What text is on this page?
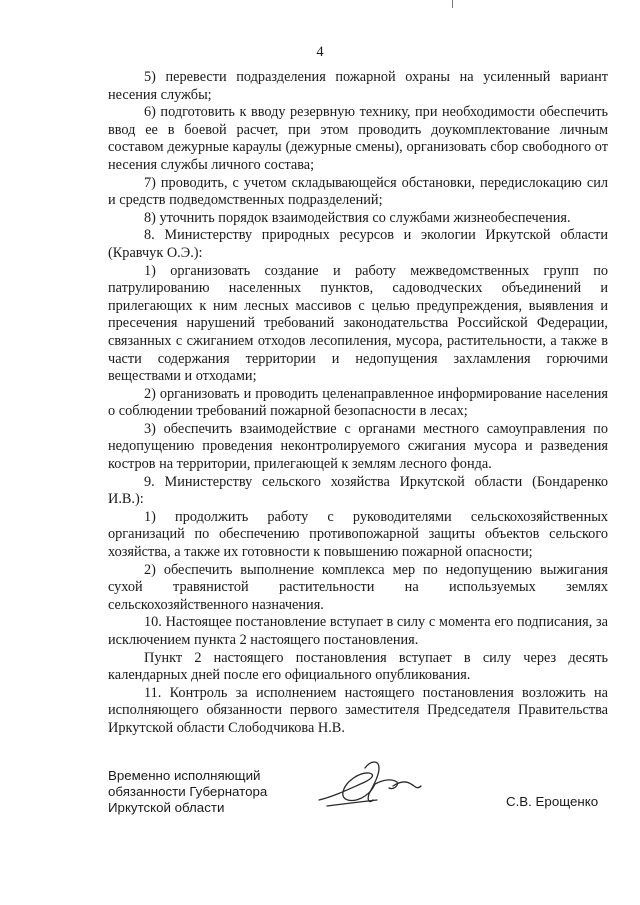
4

5) перевести подразделения пожарной охраны на усиленный вариант несения службы;

6) подготовить к вводу резервную технику, при необходимости обеспечить ввод ее в боевой расчет, при этом проводить доукомплектование личным составом дежурные караулы (дежурные смены), организовать сбор свободного от несения службы личного состава;

7) проводить, с учетом складывающейся обстановки, передислокацию сил и средств подведомственных подразделений;

8) уточнить порядок взаимодействия со службами жизнеобеспечения.

8. Министерству природных ресурсов и экологии Иркутской области (Кравчук О.Э.):

1) организовать создание и работу межведомственных групп по патрулированию населенных пунктов, садоводческих объединений и прилегающих к ним лесных массивов с целью предупреждения, выявления и пресечения нарушений требований законодательства Российской Федерации, связанных с сжиганием отходов лесопиления, мусора, растительности, а также в части содержания территории и недопущения захламления горючими веществами и отходами;

2) организовать и проводить целенаправленное информирование населения о соблюдении требований пожарной безопасности в лесах;

3) обеспечить взаимодействие с органами местного самоуправления по недопущению проведения неконтролируемого сжигания мусора и разведения костров на территории, прилегающей к землям лесного фонда.

9. Министерству сельского хозяйства Иркутской области (Бондаренко И.В.):

1) продолжить работу с руководителями сельскохозяйственных организаций по обеспечению противопожарной защиты объектов сельского хозяйства, а также их готовности к повышению пожарной опасности;

2) обеспечить выполнение комплекса мер по недопущению выжигания сухой травянистой растительности на используемых землях сельскохозяйственного назначения.

10. Настоящее постановление вступает в силу с момента его подписания, за исключением пункта 2 настоящего постановления.

Пункт 2 настоящего постановления вступает в силу через десять календарных дней после его официального опубликования.

11. Контроль за исполнением настоящего постановления возложить на исполняющего обязанности первого заместителя Председателя Правительства Иркутской области Слободчикова Н.В.

Временно исполняющий
обязанности Губернатора
Иркутской области	С.В. Ерощенко
